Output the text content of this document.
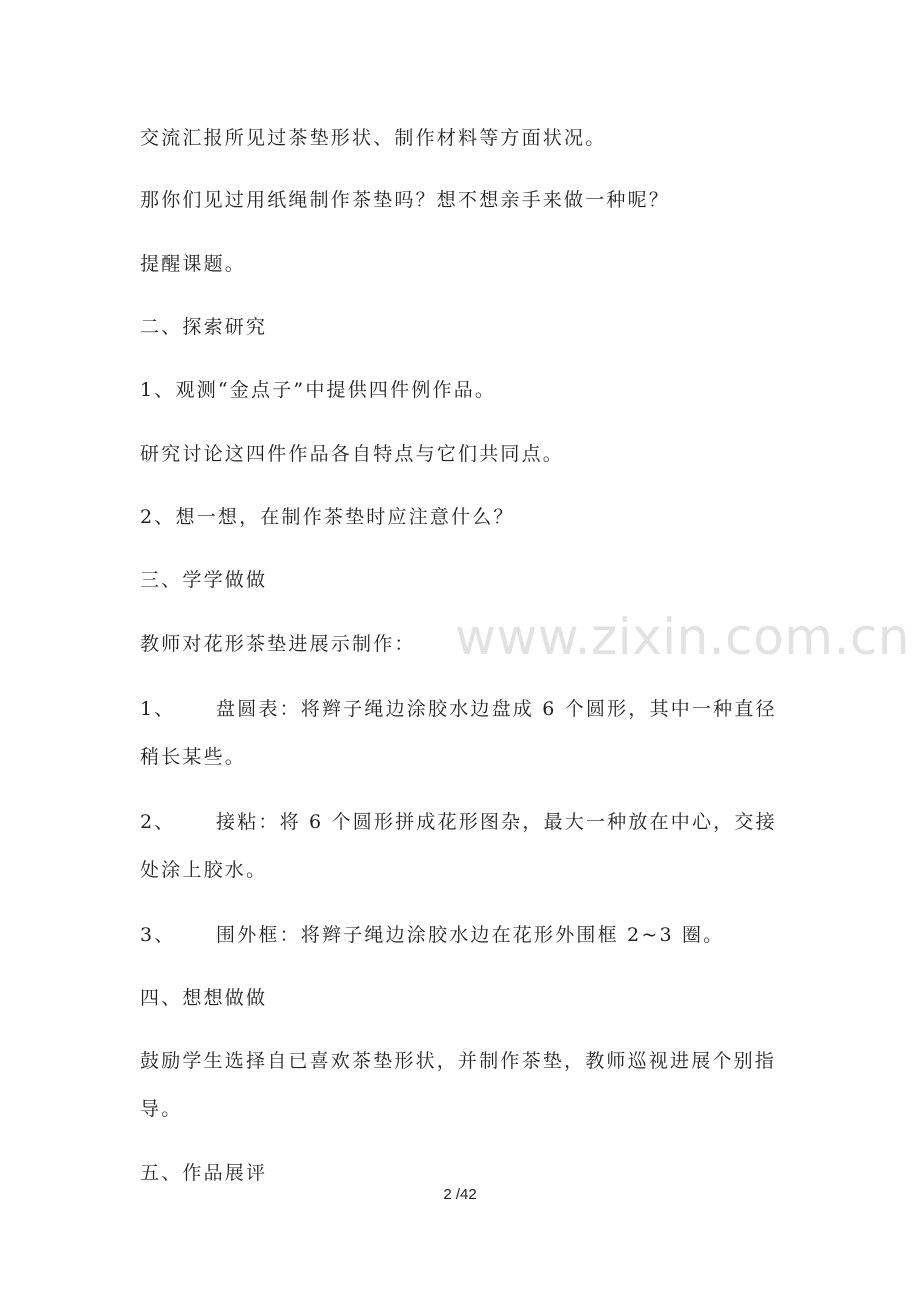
www.zixin.com.cn
交流汇报所见过茶垫形状、制作材料等方面状况。
那你们见过用纸绳制作茶垫吗？想不想亲手来做一种呢？
提醒课题。
二、探索研究
1、观测“金点子”中提供四件例作品。
研究讨论这四件作品各自特点与它们共同点。
2、想一想，在制作茶垫时应注意什么？
三、学学做做
教师对花形茶垫进展示制作：
1、 盘圆表：将辫子绳边涂胶水边盘成 6 个圆形，其中一种直径
稍长某些。
2、 接粘：将 6 个圆形拼成花形图杂，最大一种放在中心，交接
处涂上胶水。
3、 围外框：将辫子绳边涂胶水边在花形外围框 2~3 圈。
四、想想做做
鼓励学生选择自已喜欢茶垫形状，并制作茶垫，教师巡视进展个别指
导。
五、作品展评
2 /42
